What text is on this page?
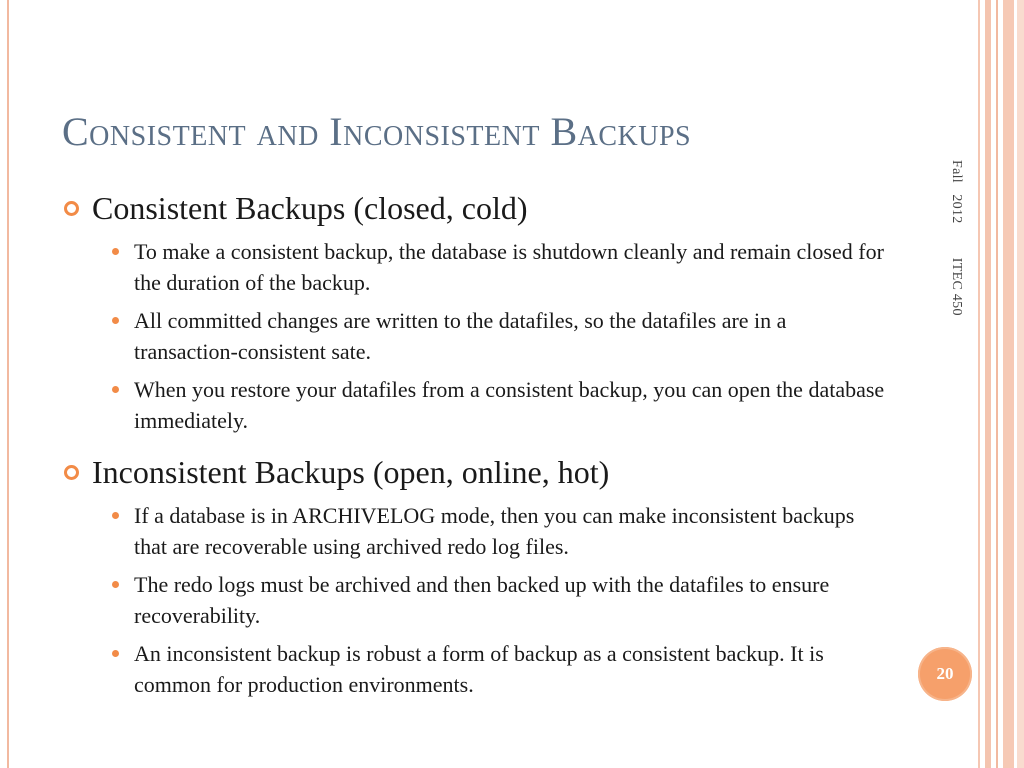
Consistent and Inconsistent Backups
Fall   2012         ITEC 450
Consistent Backups (closed, cold)
To make a consistent backup, the database is shutdown cleanly and remain closed for the duration of the backup.
All committed changes are written to the datafiles, so the datafiles are in a transaction-consistent sate.
When you restore your datafiles from a consistent backup, you can open the database immediately.
Inconsistent Backups (open, online, hot)
If a database is in ARCHIVELOG mode, then you can make inconsistent backups that are recoverable using archived redo log files.
The redo logs must be archived and then backed up with the datafiles to ensure recoverability.
An inconsistent backup is robust a form of backup as a consistent backup. It is common for production environments.	20
